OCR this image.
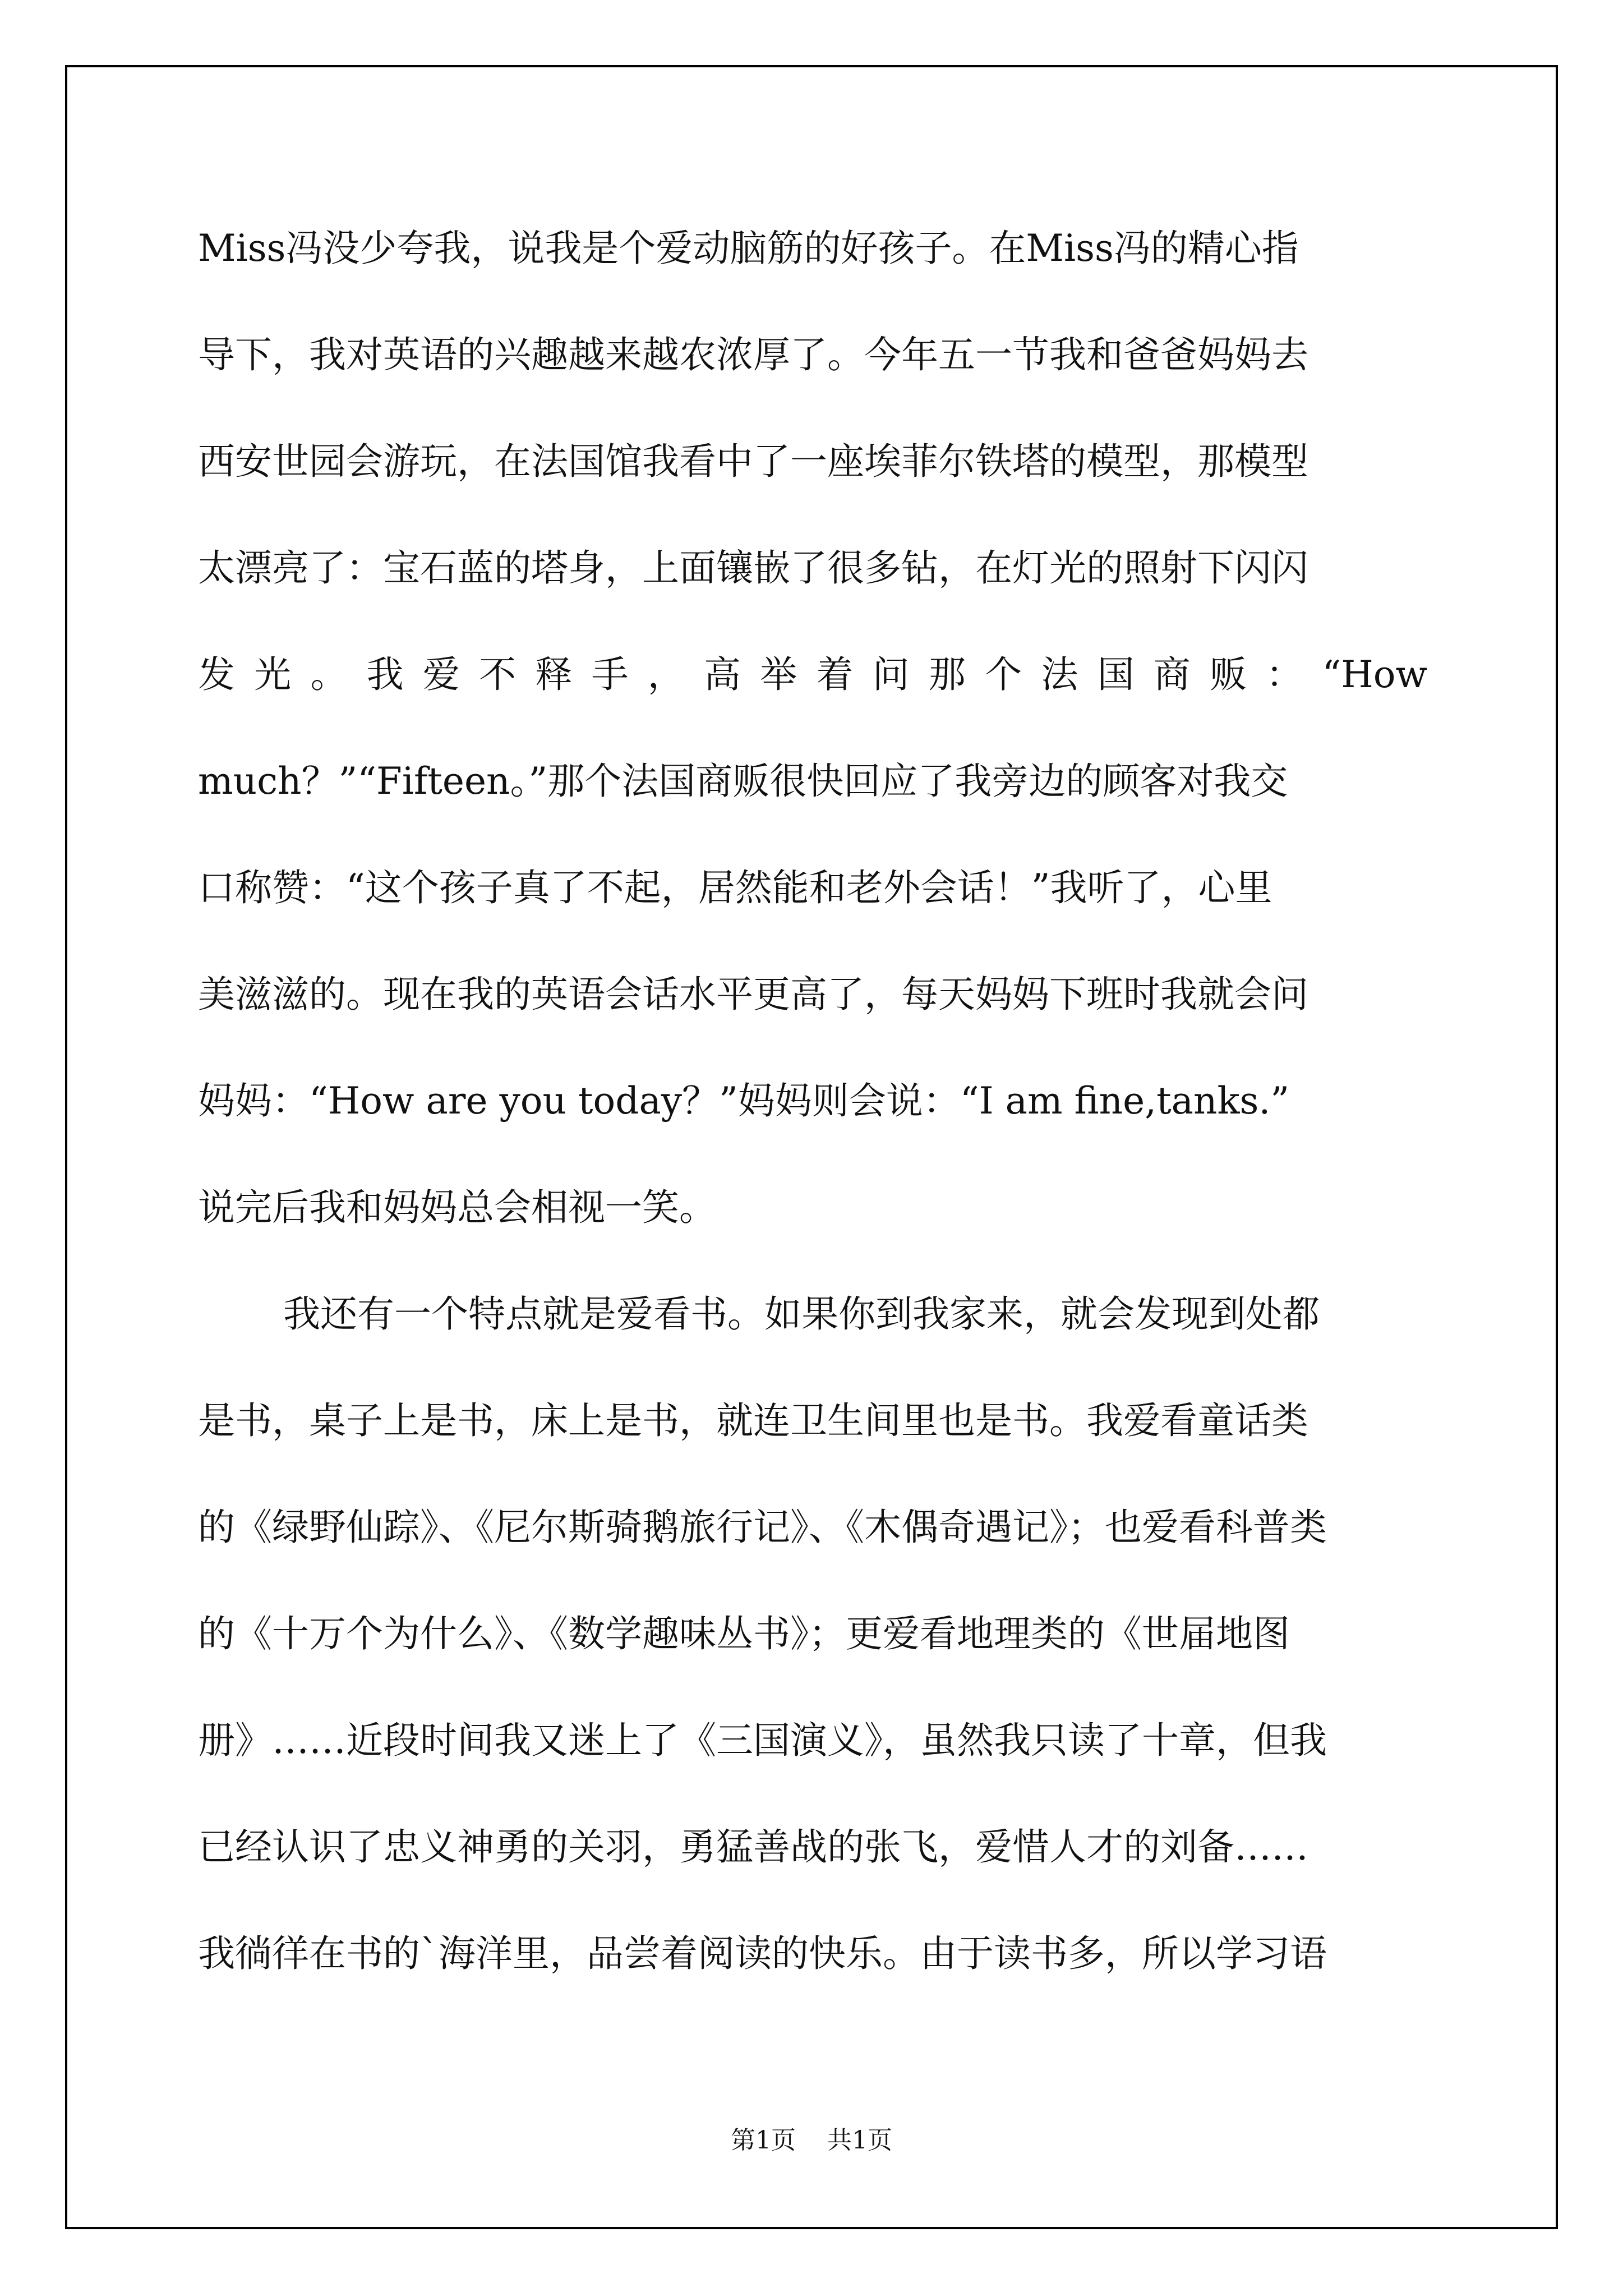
Miss冯没少夸我，说我是个爱动脑筋的好孩子。在Miss冯的精心指

导下，我对英语的兴趣越来越农浓厚了。今年五一节我和爸爸妈妈去

西安世园会游玩，在法国馆我看中了一座埃菲尔铁塔的模型，那模型

太漂亮了：宝石蓝的塔身，上面镶嵌了很多钻，在灯光的照射下闪闪

发光。我爱不释手，高举着问那个法国商贩：“How

much？”“Fifteen。”那个法国商贩很快回应了我旁边的顾客对我交

口称赞：“这个孩子真了不起，居然能和老外会话！”我听了，心里

美滋滋的。现在我的英语会话水平更高了，每天妈妈下班时我就会问

妈妈：“How are you today？”妈妈则会说：“I am fine,tanks.”

说完后我和妈妈总会相视一笑。

我还有一个特点就是爱看书。如果你到我家来，就会发现到处都

是书，桌子上是书，床上是书，就连卫生间里也是书。我爱看童话类

的《绿野仙踪》、《尼尔斯骑鹅旅行记》、《木偶奇遇记》；也爱看科普类

的《十万个为什么》、《数学趣味丛书》；更爱看地理类的《世届地图

册》……近段时间我又迷上了《三国演义》，虽然我只读了十章，但我

已经认识了忠义神勇的关羽，勇猛善战的张飞，爱惜人才的刘备……

我徜徉在书的`海洋里，品尝着阅读的快乐。由于读书多，所以学习语

第1页 共1页
